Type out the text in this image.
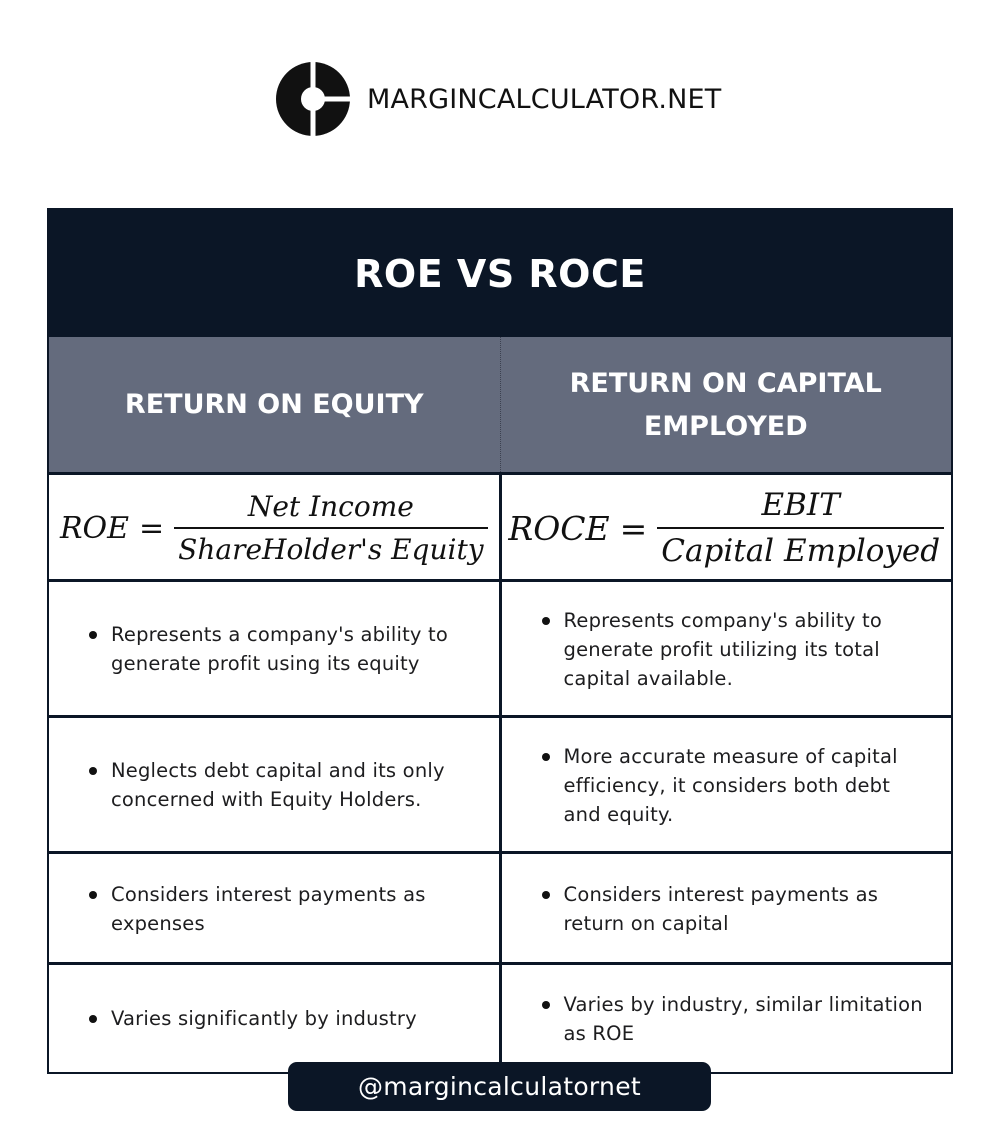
MARGINCALCULATOR.NET
ROE VS ROCE
RETURN ON EQUITY
RETURN ON CAPITAL EMPLOYED
ROE = $\frac{\text{Net Income}}{\text{ShareHolder's Equity}}$ ROCE = $\frac{\text{EBIT}}{\text{Capital Employed}}$
Represents a company's ability to generate profit using its equity
Represents company's ability to generate profit utilizing its total capital available.
Neglects debt capital and its only concerned with Equity Holders.
More accurate measure of capital efficiency, it considers both debt and equity.
Considers interest payments as expenses
Considers interest payments as return on capital
Varies significantly by industry
Varies by industry, similar limitation as ROE
@margincalculatornet
